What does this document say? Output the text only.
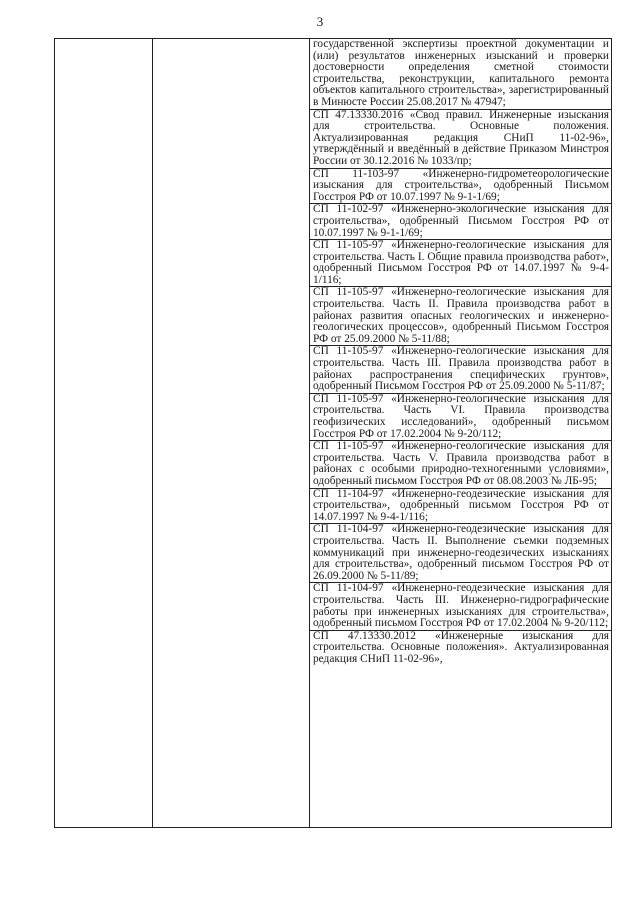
3
государственной экспертизы проектной документации и (или) результатов инженерных изысканий и проверки достоверности определения сметной стоимости строительства, реконструкции, капитального ремонта объектов капитального строительства», зарегистрированный в Минюсте России 25.08.2017 № 47947;
СП 47.13330.2016 «Свод правил. Инженерные изыскания для строительства. Основные положения. Актуализированная редакция СНиП 11-02-96», утверждённый и введённый в действие Приказом Минстроя России от 30.12.2016 № 1033/пр;
СП 11-103-97 «Инженерно-гидрометеорологические изыскания для строительства», одобренный Письмом Госстроя РФ от 10.07.1997 № 9-1-1/69;
СП 11-102-97 «Инженерно-экологические изыскания для строительства», одобренный Письмом Госстроя РФ от 10.07.1997 № 9-1-1/69;
СП 11-105-97 «Инженерно-геологические изыскания для строительства. Часть I. Общие правила производства работ», одобренный Письмом Госстроя РФ от 14.07.1997 № 9-4-1/116;
СП 11-105-97 «Инженерно-геологические изыскания для строительства. Часть II. Правила производства работ в районах развития опасных геологических и инженерно-геологических процессов», одобренный Письмом Госстроя РФ от 25.09.2000 № 5-11/88;
СП 11-105-97 «Инженерно-геологические изыскания для строительства. Часть III. Правила производства работ в районах распространения специфических грунтов», одобренный Письмом Госстроя РФ от 25.09.2000 № 5-11/87;
СП 11-105-97 «Инженерно-геологические изыскания для строительства. Часть VI. Правила производства геофизических исследований», одобренный письмом Госстроя РФ от 17.02.2004 № 9-20/112;
СП 11-105-97 «Инженерно-геологические изыскания для строительства. Часть V. Правила производства работ в районах с особыми природно-техногенными условиями», одобренный письмом Госстроя РФ от 08.08.2003 № ЛБ-95;
СП 11-104-97 «Инженерно-геодезические изыскания для строительства», одобренный письмом Госстроя РФ от 14.07.1997 № 9-4-1/116;
СП 11-104-97 «Инженерно-геодезические изыскания для строительства. Часть II. Выполнение съемки подземных коммуникаций при инженерно-геодезических изысканиях для строительства», одобренный письмом Госстроя РФ от 26.09.2000 № 5-11/89;
СП 11-104-97 «Инженерно-геодезические изыскания для строительства. Часть III. Инженерно-гидрографические работы при инженерных изысканиях для строительства», одобренный письмом Госстроя РФ от 17.02.2004 № 9-20/112;
СП 47.13330.2012 «Инженерные изыскания для строительства. Основные положения». Актуализированная редакция СНиП 11-02-96»,
